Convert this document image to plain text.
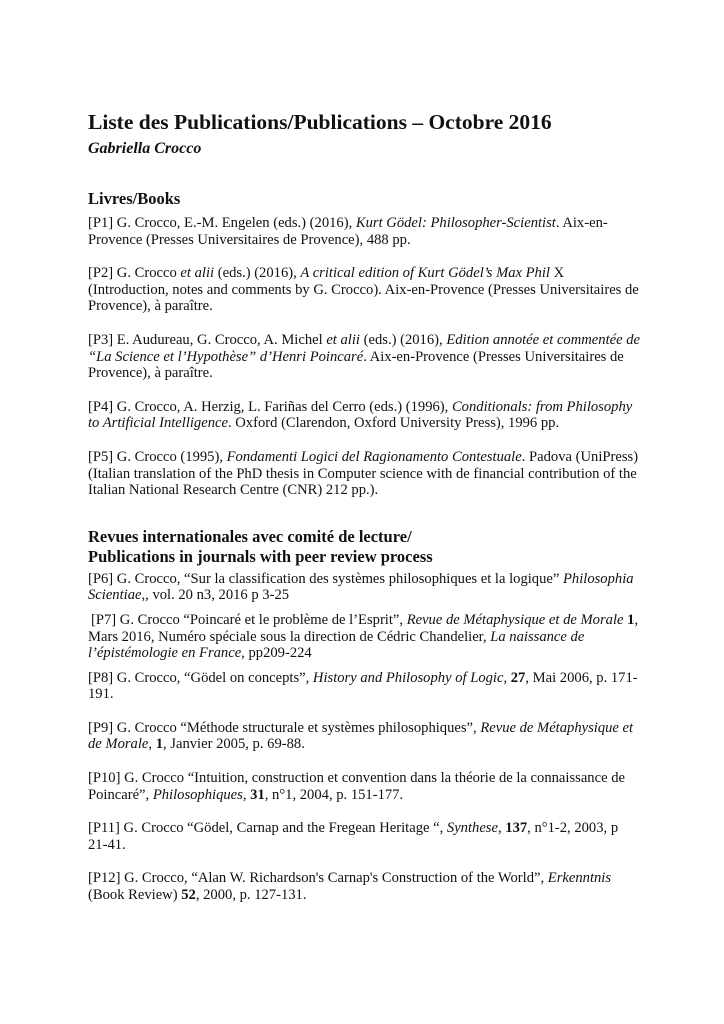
Liste des Publications/Publications – Octobre 2016
Gabriella Crocco
Livres/Books

[P1] G. Crocco, E.-M. Engelen (eds.) (2016), Kurt Gödel: Philosopher-Scientist. Aix-en-Provence (Presses Universitaires de Provence), 488 pp.

[P2] G. Crocco et alii (eds.) (2016), A critical edition of Kurt Gödel’s Max Phil X (Introduction, notes and comments by G. Crocco). Aix-en-Provence (Presses Universitaires de Provence), à paraître.

[P3] E. Audureau, G. Crocco, A. Michel et alii (eds.) (2016), Edition annotée et commentée de “La Science et l’Hypothèse” d’Henri Poincaré. Aix-en-Provence (Presses Universitaires de Provence), à paraître.

[P4] G. Crocco, A. Herzig, L. Fariñas del Cerro (eds.) (1996), Conditionals: from Philosophy to Artificial Intelligence. Oxford (Clarendon, Oxford University Press), 1996 pp.

[P5] G. Crocco (1995), Fondamenti Logici del Ragionamento Contestuale. Padova (UniPress) (Italian translation of the PhD thesis in Computer science with de financial contribution of the Italian National Research Centre (CNR) 212 pp.).

Revues internationales avec comité de lecture/
Publications in journals with peer review process

[P6] G. Crocco, “Sur la classification des systèmes philosophiques et la logique” Philosophia Scientiae,, vol. 20 n3, 2016 p 3-25

[P7] G. Crocco “Poincaré et le problème de l’Esprit”, Revue de Métaphysique et de Morale 1, Mars 2016, Numéro spéciale sous la direction de Cédric Chandelier, La naissance de l’épistémologie en France, pp209-224

[P8] G. Crocco, “Gödel on concepts”, History and Philosophy of Logic, 27, Mai 2006, p. 171-191.

[P9] G. Crocco “Méthode structurale et systèmes philosophiques”, Revue de Métaphysique et de Morale, 1, Janvier 2005, p. 69-88.

[P10] G. Crocco “Intuition, construction et convention dans la théorie de la connaissance de Poincaré”, Philosophiques, 31, n°1, 2004, p. 151-177.

[P11] G. Crocco “Gödel, Carnap and the Fregean Heritage “, Synthese, 137, n°1-2, 2003, p 21-41.

[P12] G. Crocco, “Alan W. Richardson's Carnap's Construction of the World”, Erkenntnis (Book Review) 52, 2000, p. 127-131.
